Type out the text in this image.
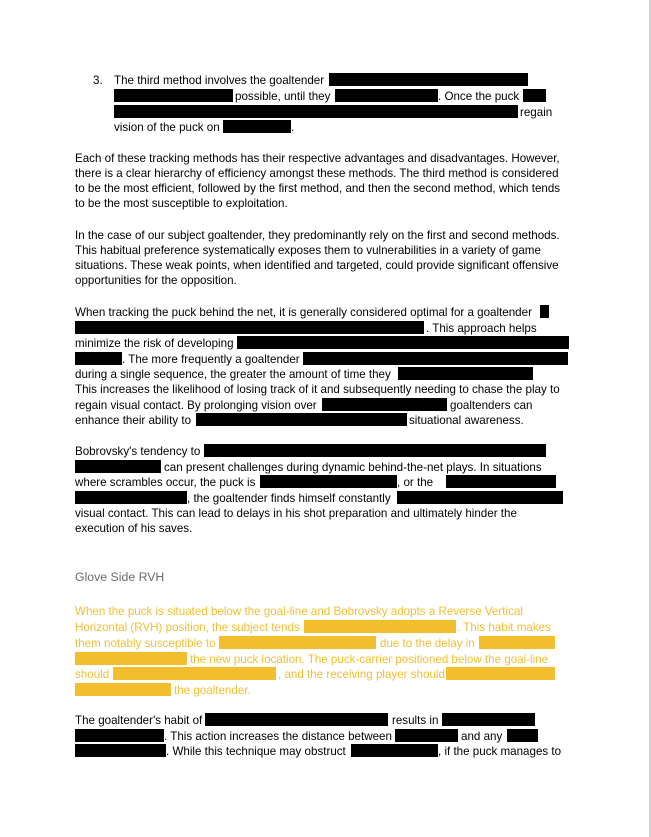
3. The third method involves the goaltender
possible, until they	. Once the puck
regain
vision of the puck on	.
Each of these tracking methods has their respective advantages and disadvantages. However,
there is a clear hierarchy of efficiency amongst these methods. The third method is considered
to be the most efficient, followed by the first method, and then the second method, which tends
to be the most susceptible to exploitation.
In the case of our subject goaltender, they predominantly rely on the first and second methods.
This habitual preference systematically exposes them to vulnerabilities in a variety of game
situations. These weak points, when identified and targeted, could provide significant offensive
opportunities for the opposition.
When tracking the puck behind the net, it is generally considered optimal for a goaltender
. This approach helps
minimize the risk of developing
. The more frequently a goaltender
during a single sequence, the greater the amount of time they
This increases the likelihood of losing track of it and subsequently needing to chase the play to
regain visual contact. By prolonging vision over	goaltenders can
enhance their ability to	situational awareness.
Bobrovsky's tendency to
can present challenges during dynamic behind-the-net plays. In situations
where scrambles occur, the puck is	, or the
, the goaltender finds himself constantly
visual contact. This can lead to delays in his shot preparation and ultimately hinder the
execution of his saves.
Glove Side RVH
When the puck is situated below the goal-line and Bobrovsky adopts a Reverse Vertical
Horizontal (RVH) position, the subject tends	. This habit makes
them notably susceptible to	due to the delay in
the new puck location. The puck-carrier positioned below the goal-line
should	, and the receiving player should
the goaltender.
The goaltender's habit of	results in
. This action increases the distance between	and any
. While this technique may obstruct	, if the puck manages to
